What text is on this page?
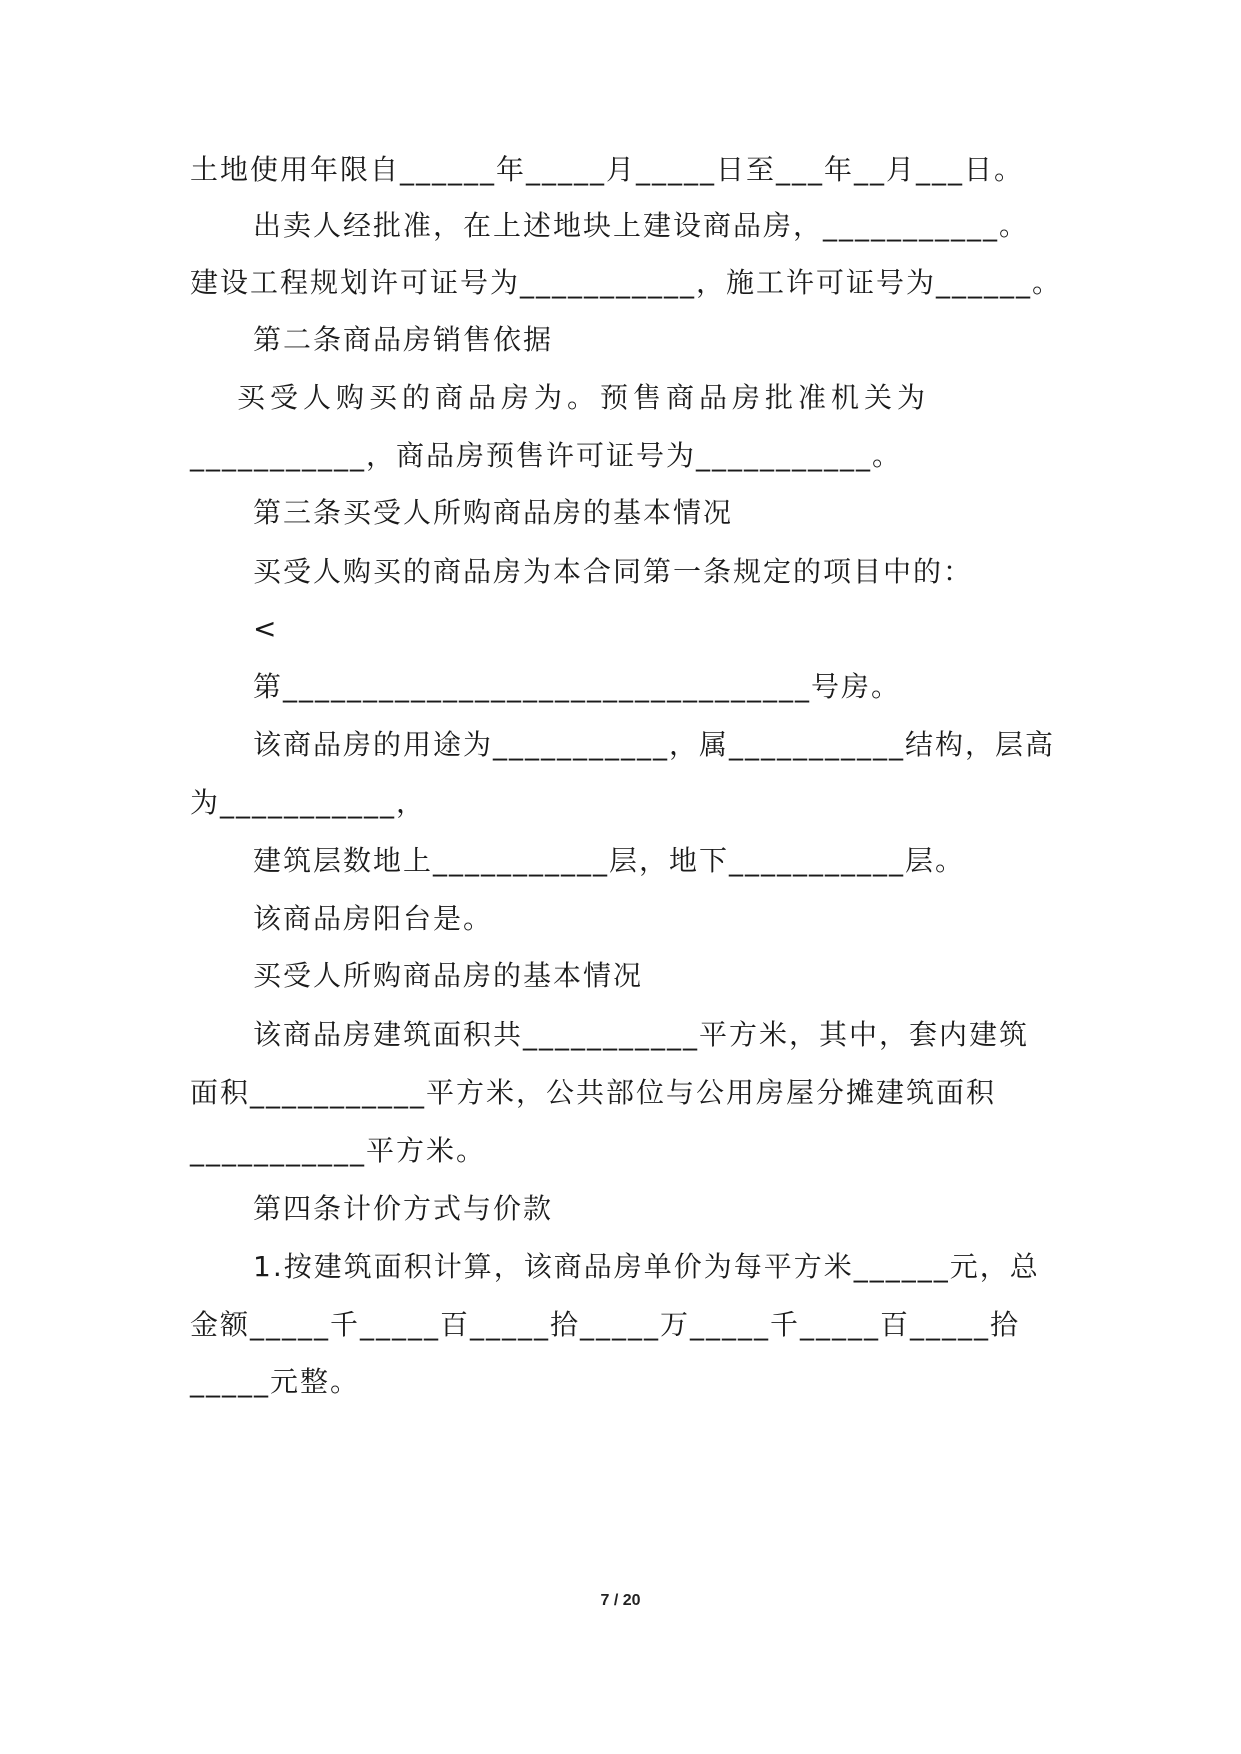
土地使用年限自______年_____月_____日至___年__月___日。
出卖人经批准，在上述地块上建设商品房，___________。
建设工程规划许可证号为___________，施工许可证号为______。
第二条商品房销售依据
买受人购买的商品房为。预售商品房批准机关为
___________，商品房预售许可证号为___________。
第三条买受人所购商品房的基本情况
买受人购买的商品房为本合同第一条规定的项目中的：
<
第_________________________________号房。
该商品房的用途为___________，属___________结构，层高
为___________，
建筑层数地上___________层，地下___________层。
该商品房阳台是。
买受人所购商品房的基本情况
该商品房建筑面积共___________平方米，其中，套内建筑
面积___________平方米，公共部位与公用房屋分摊建筑面积
___________平方米。
第四条计价方式与价款
1.按建筑面积计算，该商品房单价为每平方米______元，总
金额_____千_____百_____拾_____万_____千_____百_____拾
_____元整。
7 / 20
